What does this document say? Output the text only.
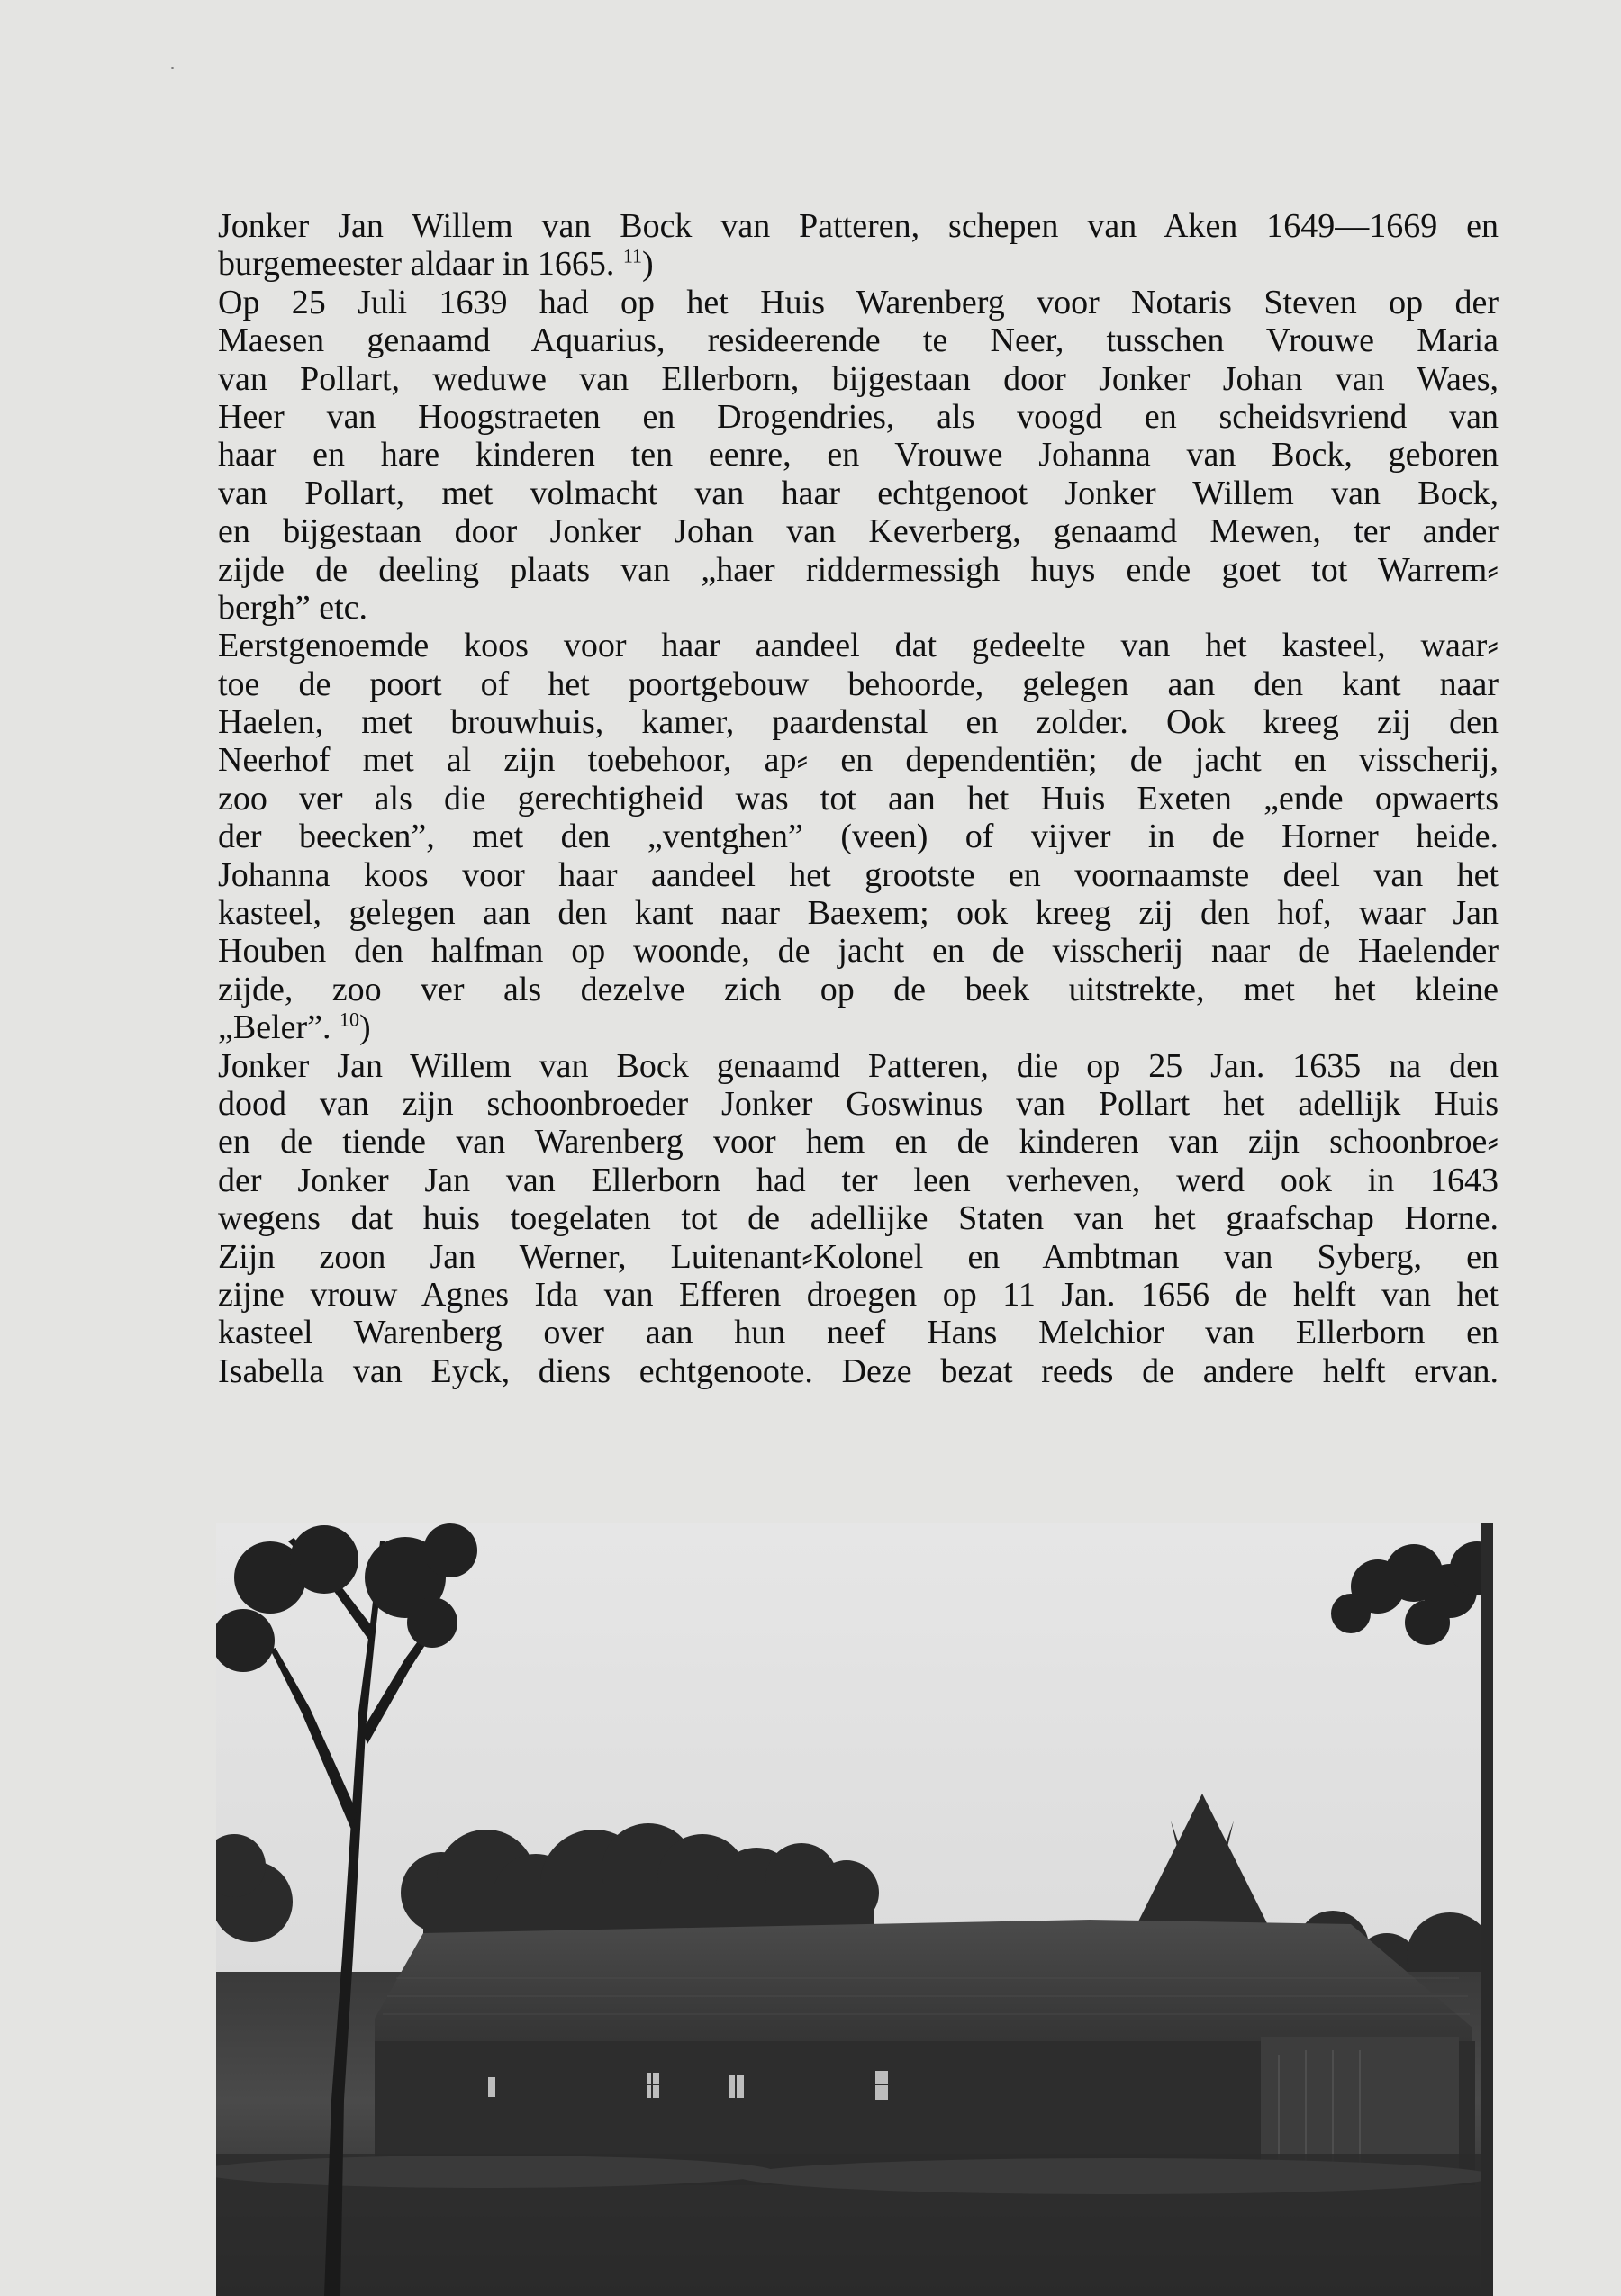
Jonker Jan Willem van Bock van Patteren, schepen van Aken 1649—1669 en
burgemeester aldaar in 1665. $^{11}$)
Op 25 Juli 1639 had op het Huis Warenberg voor Notaris Steven op der
Maesen genaamd Aquarius, resideerende te Neer, tusschen Vrouwe Maria
van Pollart, weduwe van Ellerborn, bijgestaan door Jonker Johan van Waes,
Heer van Hoogstraeten en Drogendries, als voogd en scheidsvriend van
haar en hare kinderen ten eenre, en Vrouwe Johanna van Bock, geboren
van Pollart, met volmacht van haar echtgenoot Jonker Willem van Bock,
en bijgestaan door Jonker Johan van Keverberg, genaamd Mewen, ter ander
zijde de deeling plaats van „haer riddermessigh huys ende goet tot Warrem⸗
bergh” etc.
Eerstgenoemde koos voor haar aandeel dat gedeelte van het kasteel, waar⸗
toe de poort of het poortgebouw behoorde, gelegen aan den kant naar
Haelen, met brouwhuis, kamer, paardenstal en zolder. Ook kreeg zij den
Neerhof met al zijn toebehoor, ap⸗ en dependentiën; de jacht en visscherij,
zoo ver als die gerechtigheid was tot aan het Huis Exeten „ende opwaerts
der beecken”, met den „ventghen” (veen) of vijver in de Horner heide.
Johanna koos voor haar aandeel het grootste en voornaamste deel van het
kasteel, gelegen aan den kant naar Baexem; ook kreeg zij den hof, waar Jan
Houben den halfman op woonde, de jacht en de visscherij naar de Haelender
zijde, zoo ver als dezelve zich op de beek uitstrekte, met het kleine
„Beler”. $^{10}$)
Jonker Jan Willem van Bock genaamd Patteren, die op 25 Jan. 1635 na den
dood van zijn schoonbroeder Jonker Goswinus van Pollart het adellijk Huis
en de tiende van Warenberg voor hem en de kinderen van zijn schoonbroe⸗
der Jonker Jan van Ellerborn had ter leen verheven, werd ook in 1643
wegens dat huis toegelaten tot de adellijke Staten van het graafschap Horne.
Zijn zoon Jan Werner, Luitenant⸗Kolonel en Ambtman van Syberg, en
zijne vrouw Agnes Ida van Efferen droegen op 11 Jan. 1656 de helft van het
kasteel Warenberg over aan hun neef Hans Melchior van Ellerborn en
Isabella van Eyck, diens echtgenoote. Deze bezat reeds de andere helft ervan.
